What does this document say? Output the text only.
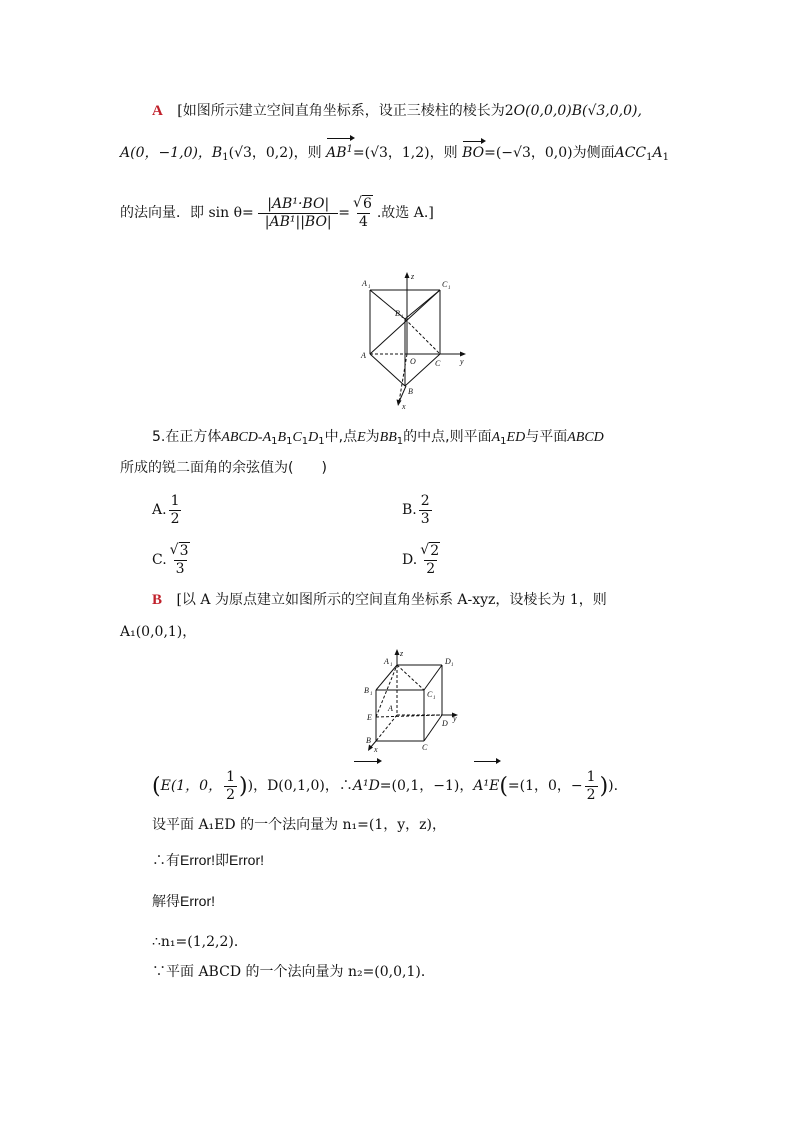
A [如图所示建立空间直角坐标系，设正三棱柱的棱长为2O(0,0,0)B(√3,0,0),
A(0，−1,0)，$B_1(√3$，0,2)，则 $AB^1=(√3$，1,2)，则 BO=(−√3，0,0)为侧面$ACC_1A_1$
的法向量．即 $\sin \theta= \frac{\text{|AB¹·BO|}}{\text{|AB¹||BO|}}$ = √ $\frac{6}{4}$ .故选 A.]
A 1	C 1
B 1
A
O C
B
z
y
x
5.在正方体ABCD-$A_1B_1C_1D_1$中,点E为$BB_1$的中点,则平面$A_1ED$与平面ABCD
所成的锐二面角的余弦值为(　　)
A. $\frac{1}{2}$	B. $\frac{2}{3}$
C. √ $\frac{3}{3}$	D. √ $\frac{2}{2}$
B [以 A 为原点建立如图所示的空间直角坐标系 A-xyz，设棱长为 1，则
A₁(0,0,1)，
A 1	D 1
B 1	C 1
E
A
D
y
B
C
z
x
(E(1，0， $\frac{1}{2}$ ))，D(0,1,0)，∴A¹D=(0,1，−1)，A¹E(=(1，0，− $\frac{1}{2}$ )).
设平面 A₁ED 的一个法向量为 n₁=(1，y，z)，
∴有Error!即Error!
解得Error!
∴n₁=(1,2,2)．
∵平面 ABCD 的一个法向量为 n₂=(0,0,1)．
